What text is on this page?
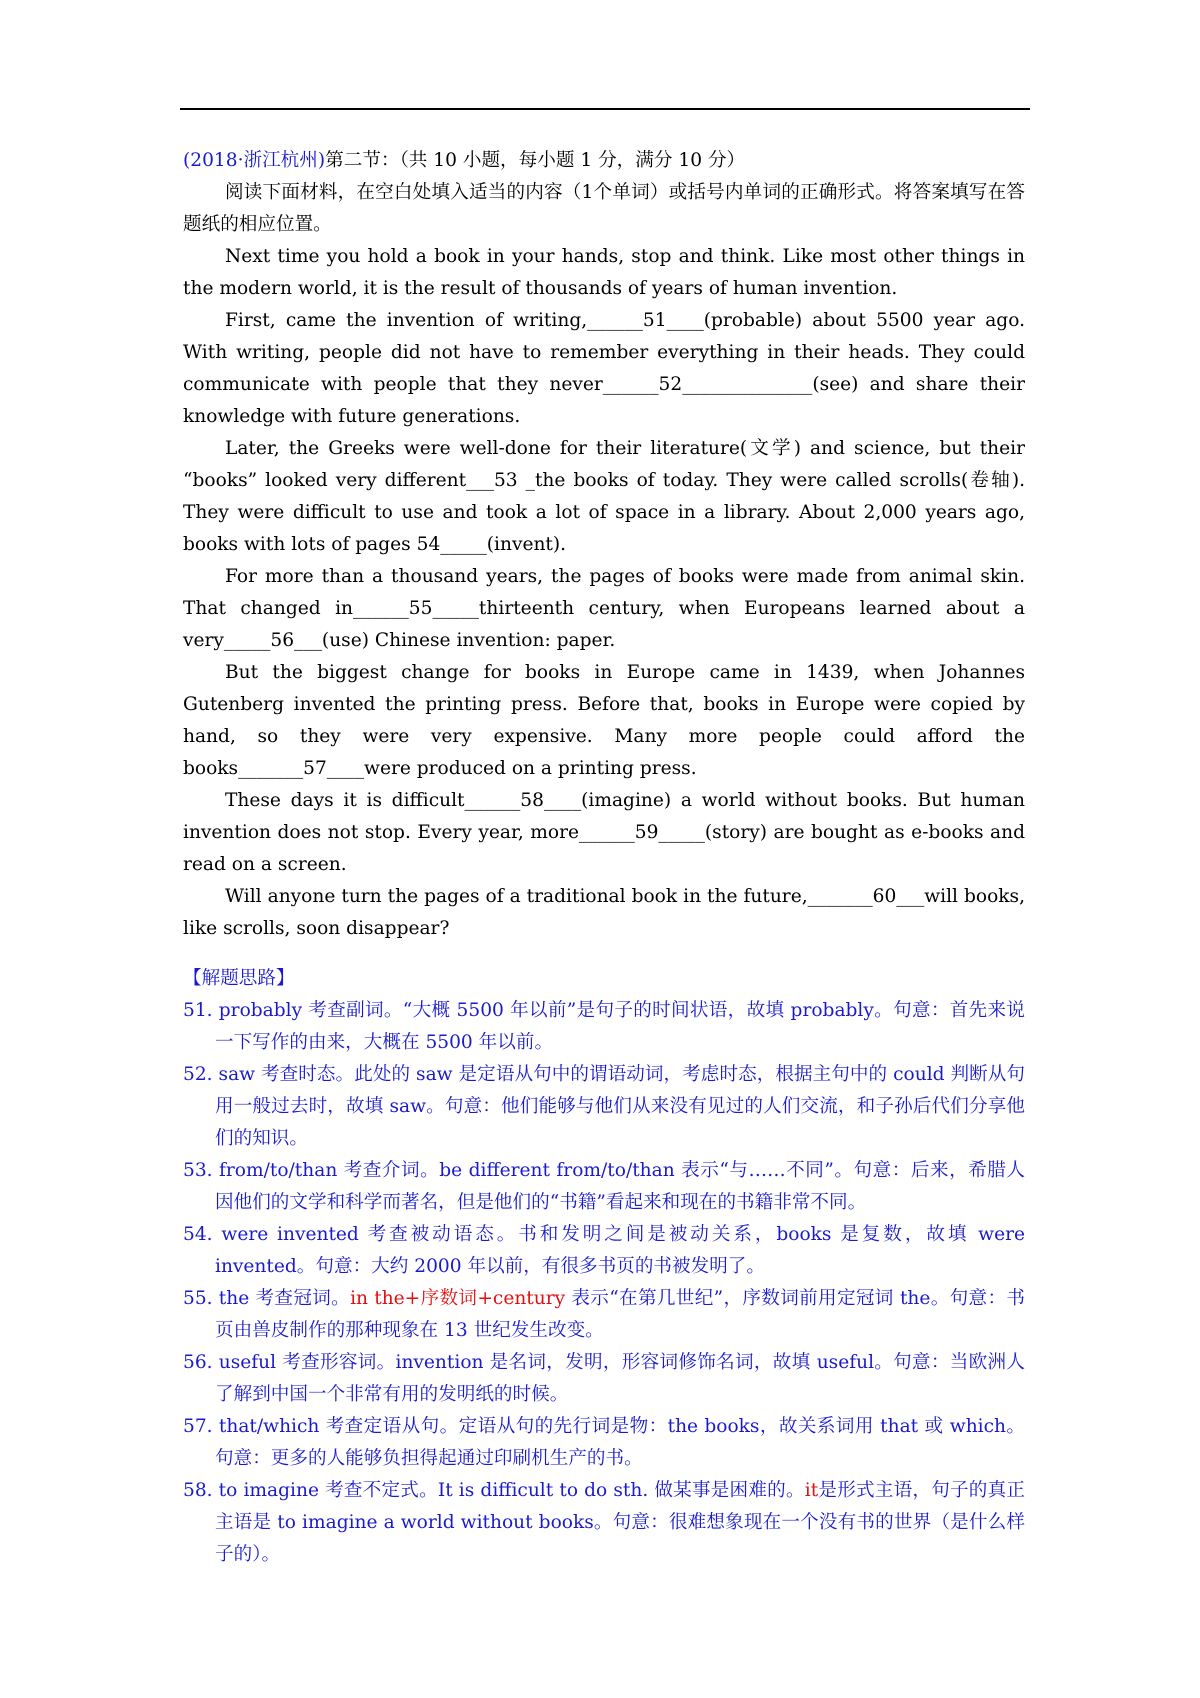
(2018·浙江杭州)第二节：（共 10 小题，每小题 1 分，满分 10 分）

阅读下面材料，在空白处填入适当的内容（1个单词）或括号内单词的正确形式。将答案填写在答题纸的相应位置。

Next time you hold a book in your hands, stop and think. Like most other things in the modern world, it is the result of thousands of years of human invention.

First, came the invention of writing,______51____(probable) about 5500 year ago. With writing, people did not have to remember everything in their heads. They could communicate with people that they never______52______________(see) and share their knowledge with future generations.

Later, the Greeks were well-done for their literature(文学) and science, but their “books” looked very different___53 _the books of today. They were called scrolls(卷轴). They were difficult to use and took a lot of space in a library. About 2,000 years ago, books with lots of pages 54_____(invent).

For more than a thousand years, the pages of books were made from animal skin. That changed in______55_____thirteenth century, when Europeans learned about a very_____56___(use) Chinese invention: paper.

But the biggest change for books in Europe came in 1439, when Johannes Gutenberg invented the printing press. Before that, books in Europe were copied by hand, so they were very expensive. Many more people could afford the books_______57____were produced on a printing press.

These days it is difficult______58____(imagine) a world without books. But human invention does not stop. Every year, more______59_____(story) are bought as e-books and read on a screen.

Will anyone turn the pages of a traditional book in the future,_______60___will books, like scrolls, soon disappear?

【解题思路】

51. probably 考查副词。“大概 5500 年以前”是句子的时间状语，故填 probably。句意：首先来说一下写作的由来，大概在 5500 年以前。

52. saw 考查时态。此处的 saw 是定语从句中的谓语动词，考虑时态，根据主句中的 could 判断从句用一般过去时，故填 saw。句意：他们能够与他们从来没有见过的人们交流，和子孙后代们分享他们的知识。

53. from/to/than 考查介词。be different from/to/than 表示“与……不同”。句意：后来，希腊人因他们的文学和科学而著名，但是他们的“书籍”看起来和现在的书籍非常不同。

54. were invented 考查被动语态。书和发明之间是被动关系，books 是复数，故填 were invented。句意：大约 2000 年以前，有很多书页的书被发明了。

55. the 考查冠词。in the+序数词+century 表示“在第几世纪”，序数词前用定冠词 the。句意：书页由兽皮制作的那种现象在 13 世纪发生改变。

56. useful 考查形容词。invention 是名词，发明，形容词修饰名词，故填 useful。句意：当欧洲人了解到中国一个非常有用的发明纸的时候。

57. that/which 考查定语从句。定语从句的先行词是物：the books，故关系词用 that 或 which。句意：更多的人能够负担得起通过印刷机生产的书。

58. to imagine 考查不定式。It is difficult to do sth. 做某事是困难的。it是形式主语，句子的真正主语是 to imagine a world without books。句意：很难想象现在一个没有书的世界（是什么样子的）。
